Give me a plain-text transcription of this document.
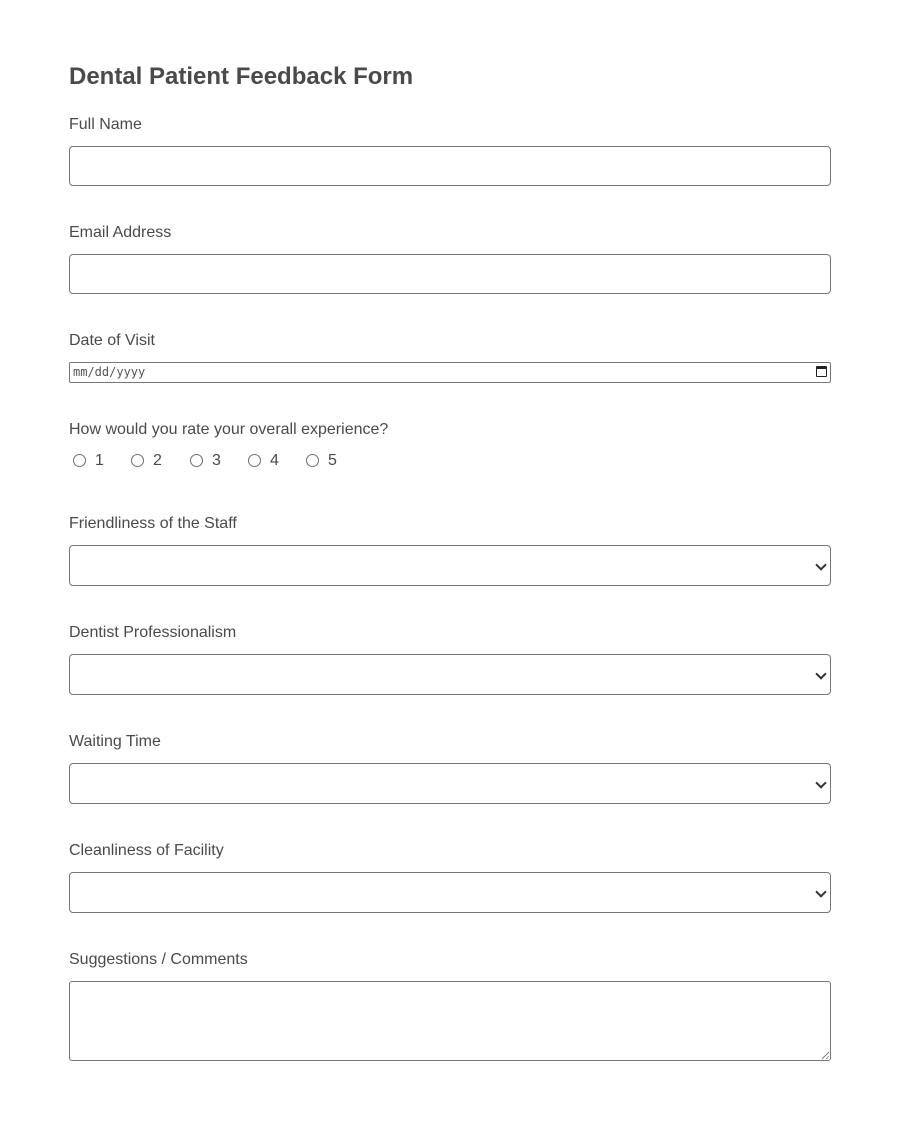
Dental Patient Feedback Form
Full Name
Email Address
Date of Visit
mm/dd/yyyy
How would you rate your overall experience?
1	2	3	4	5
Friendliness of the Staff
Dentist Professionalism
Waiting Time
Cleanliness of Facility
Suggestions / Comments
